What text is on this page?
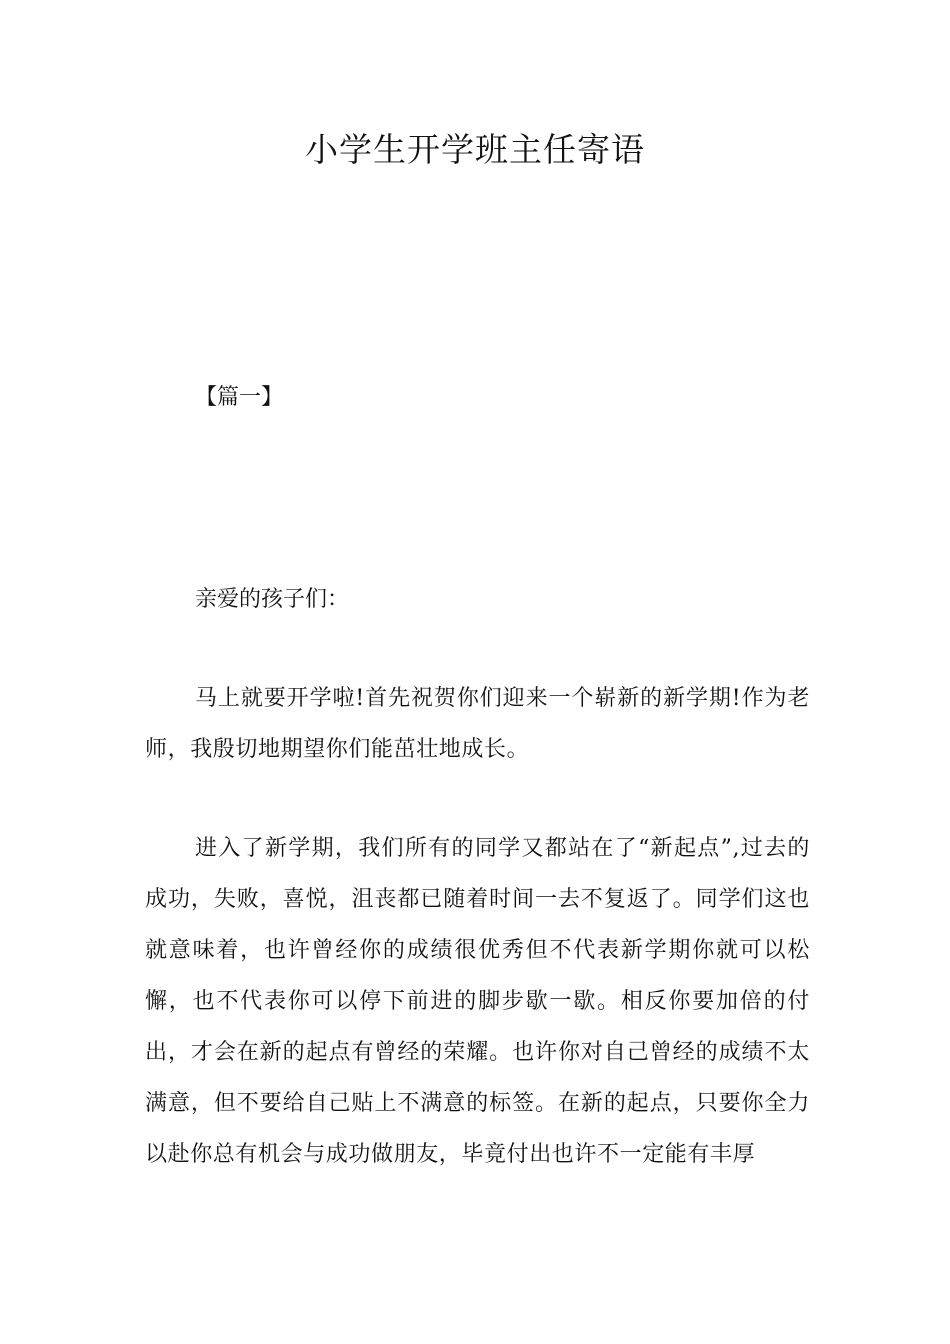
小学生开学班主任寄语

【篇一】

亲爱的孩子们：

马上就要开学啦!首先祝贺你们迎来一个崭新的新学期!作为老师，我殷切地期望你们能茁壮地成长。

进入了新学期，我们所有的同学又都站在了“新起点”,过去的成功，失败，喜悦，沮丧都已随着时间一去不复返了。同学们这也就意味着，也许曾经你的成绩很优秀但不代表新学期你就可以松懈，也不代表你可以停下前进的脚步歇一歇。相反你要加倍的付出，才会在新的起点有曾经的荣耀。也许你对自己曾经的成绩不太满意，但不要给自己贴上不满意的标签。在新的起点，只要你全力以赴你总有机会与成功做朋友，毕竟付出也许不一定能有丰厚
